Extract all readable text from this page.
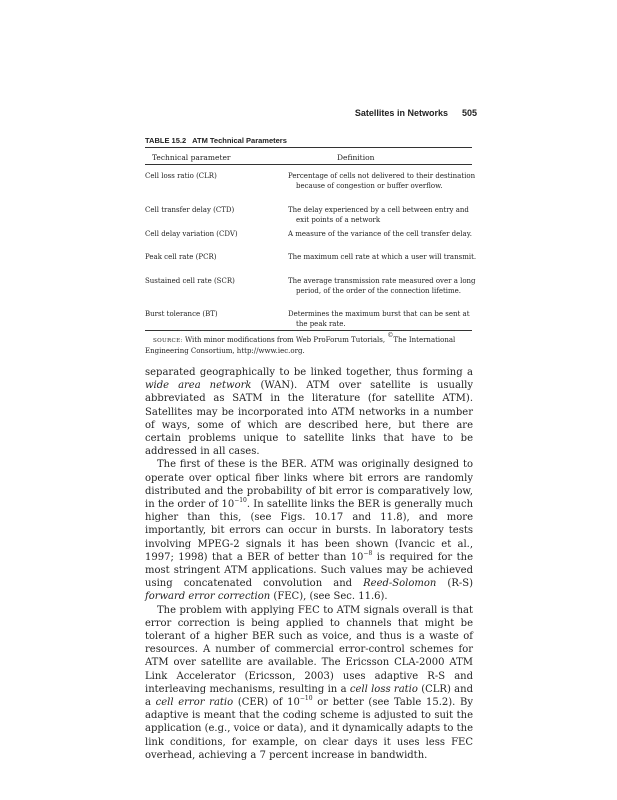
Satellites in Networks 505
TABLE 15.2 ATM Technical Parameters
Technical parameter	Definition
Cell loss ratio (CLR)	Percentage of cells not delivered to their destination because of congestion or buffer overflow.
Cell transfer delay (CTD)	The delay experienced by a cell between entry and exit points of a network
Cell delay variation (CDV)	A measure of the variance of the cell transfer delay.
Peak cell rate (PCR)	The maximum cell rate at which a user will transmit.
Sustained cell rate (SCR)	The average transmission rate measured over a long period, of the order of the connection lifetime.
Burst tolerance (BT)	Determines the maximum burst that can be sent at the peak rate.
SOURCE: With minor modifications from Web ProForum Tutorials, ©The International Engineering Consortium, http://www.iec.org.

separated geographically to be linked together, thus forming a wide area network (WAN). ATM over satellite is usually abbreviated as SATM in the literature (for satellite ATM). Satellites may be incorporated into ATM networks in a number of ways, some of which are described here, but there are certain problems unique to satellite links that have to be addressed in all cases.

The first of these is the BER. ATM was originally designed to operate over optical fiber links where bit errors are randomly distributed and the probability of bit error is comparatively low, in the order of $10^{-10}$. In satellite links the BER is generally much higher than this, (see Figs. 10.17 and 11.8), and more importantly, bit errors can occur in bursts. In laboratory tests involving MPEG-2 signals it has been shown (Ivancic et al., 1997; 1998) that a BER of better than $10^{-8}$ is required for the most stringent ATM applications. Such values may be achieved using concatenated convolution and Reed-Solomon (R-S) forward error correction (FEC), (see Sec. 11.6).

The problem with applying FEC to ATM signals overall is that error correction is being applied to channels that might be tolerant of a higher BER such as voice, and thus is a waste of resources. A number of commercial error-control schemes for ATM over satellite are available. The Ericsson CLA-2000 ATM Link Accelerator (Ericsson, 2003) uses adaptive R-S and interleaving mechanisms, resulting in a cell loss ratio (CLR) and a cell error ratio (CER) of $10^{-10}$ or better (see Table 15.2). By adaptive is meant that the coding scheme is adjusted to suit the application (e.g., voice or data), and it dynamically adapts to the link conditions, for example, on clear days it uses less FEC overhead, achieving a 7 percent increase in bandwidth.
